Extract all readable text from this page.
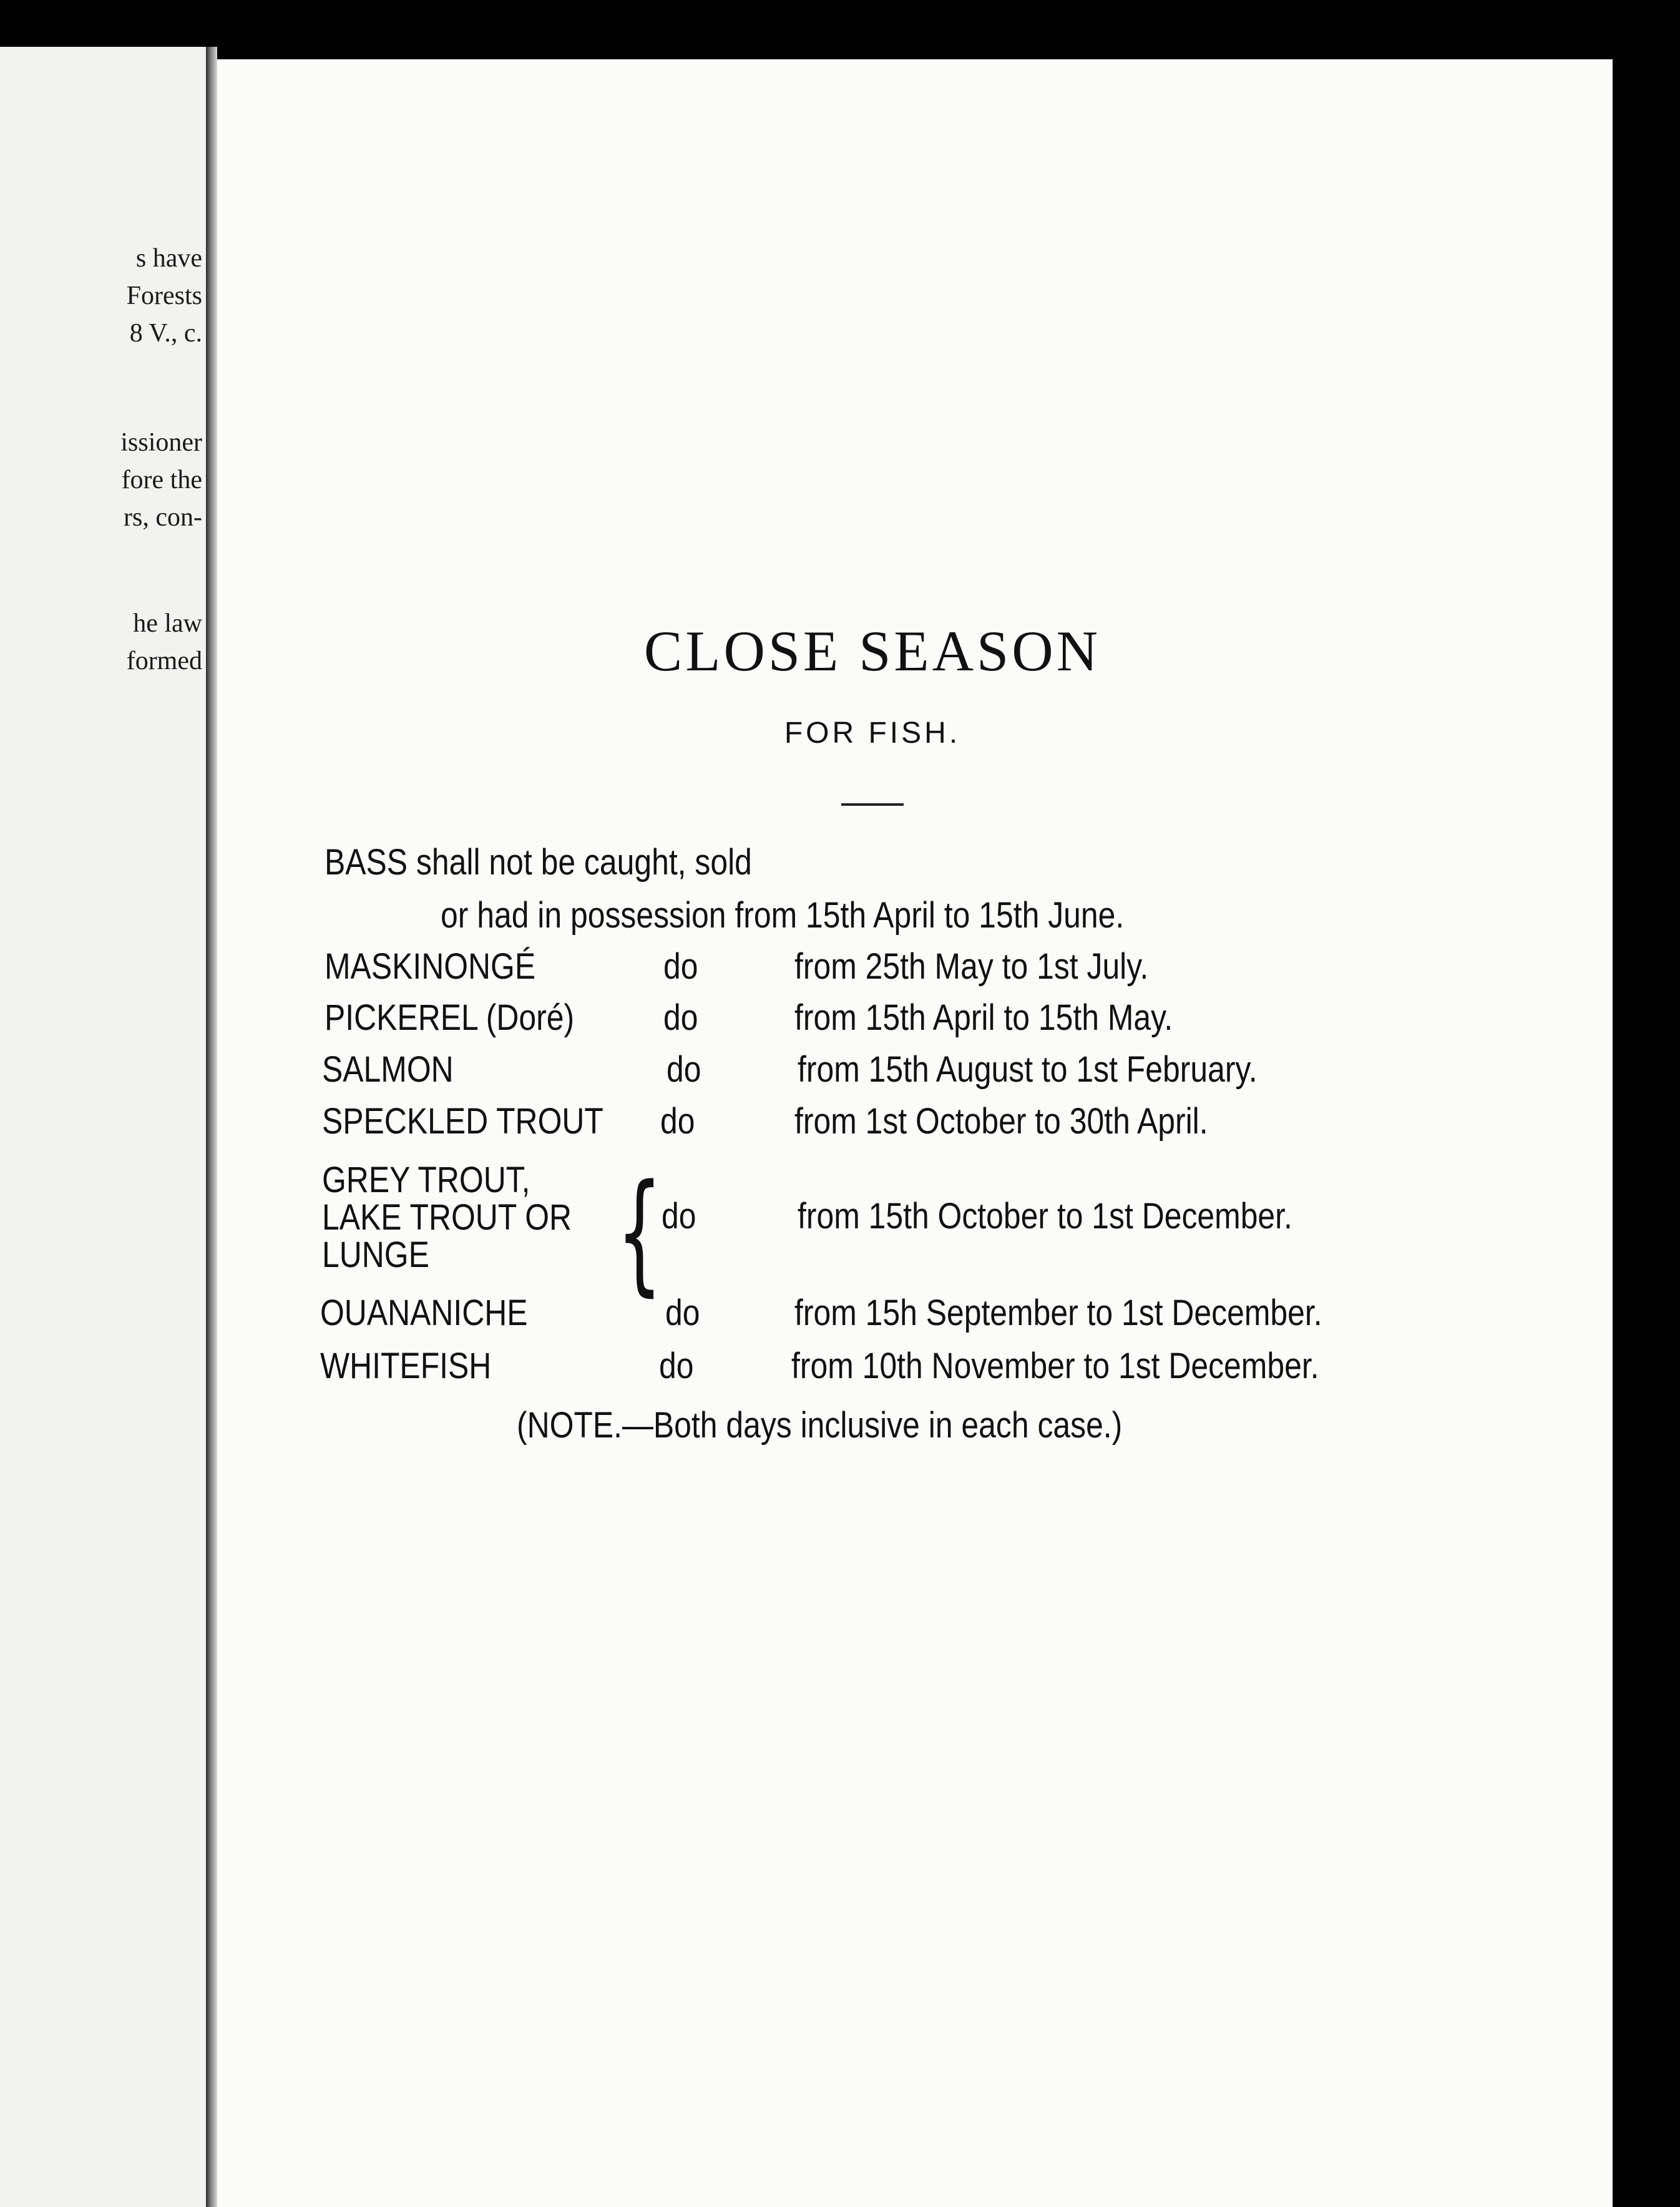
s have
Forests
8 V., c.
issioner
fore the
rs, con-
he law
formed	CLOSE SEASON
FOR FISH.
BASS shall not be caught, sold
or had in possession from 15th April to 15th June.
MASKINONGÉ	do	from 25th May to 1st July.
PICKEREL (Doré) do	from 15th April to 15th May.
SALMON	do	from 15th August to 1st February.
SPECKLED TROUT do	from 1st October to 30th April.
GREY TROUT,
LAKE TROUT OR
LUNGE {
do	from 15th October to 1st December.
OUANANICHE	do	from 15h September to 1st December.
WHITEFISH	do	from 10th November to 1st December.
(NOTE.—Both days inclusive in each case.)
